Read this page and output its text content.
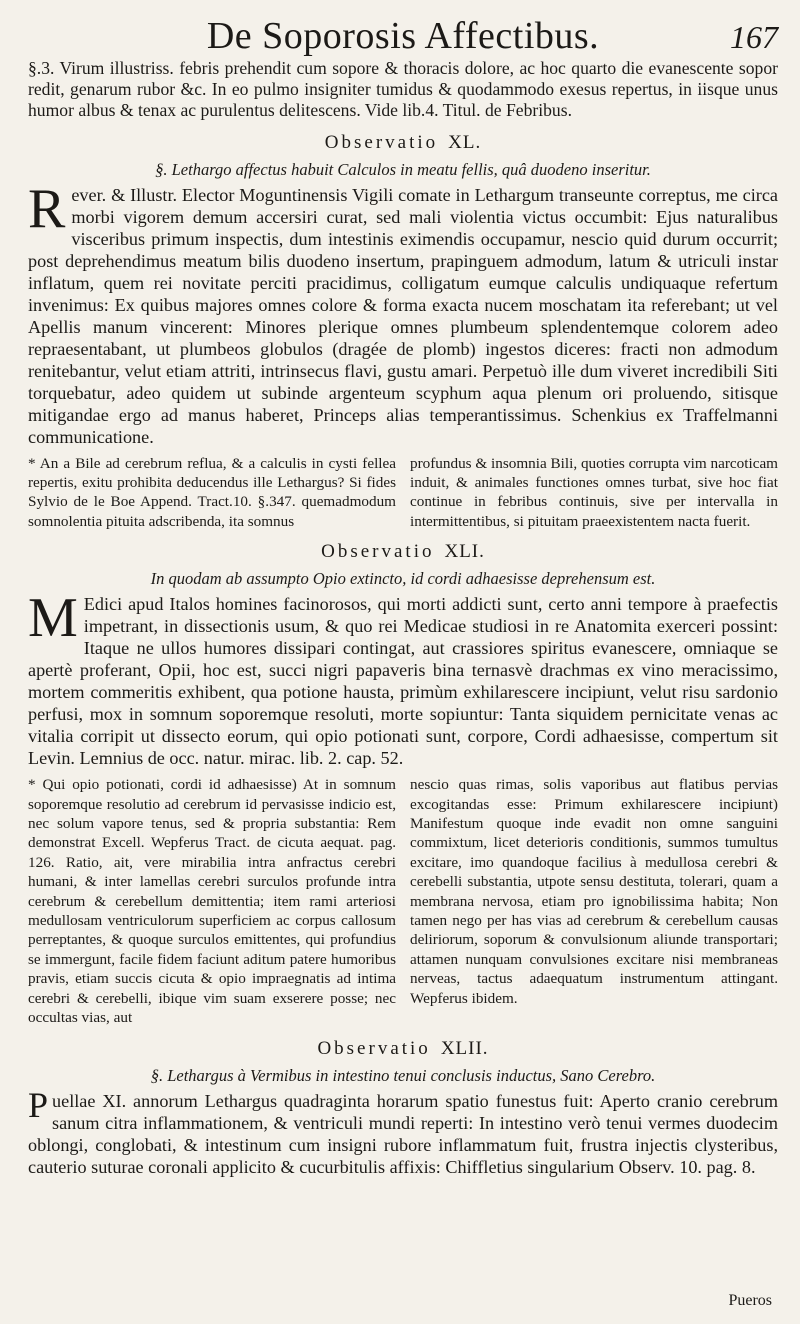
De Soporosis Affectibus.	167

§.3. Virum illustriss. febris prehendit cum sopore & thoracis dolore, ac hoc quarto die evanescente sopor redit, genarum rubor &c. In eo pulmo insigniter tumidus & quodammodo exesus repertus, in iisque unus humor albus & tenax ac purulentus delitescens. Vide lib.4. Titul. de Febribus.

Observatio XL.
§. Lethargo affectus habuit Calculos in meatu fellis, quâ duodeno inseritur.
R ever. & Illustr. Elector Moguntinensis Vigili comate in Lethargum transeunte correptus, me circa morbi vigorem demum accersiri curat, sed mali violentia victus occumbit: Ejus naturalibus visceribus primum inspectis, dum intestinis eximendis occupamur, nescio quid durum occurrit; post deprehendimus meatum bilis duodeno insertum, prapinguem admodum, latum & utriculi instar inflatum, quem rei novitate perciti pracidimus, colligatum eumque calculis undiquaque refertum invenimus: Ex quibus majores omnes colore & forma exacta nucem moschatam ita referebant; ut vel Apellis manum vincerent: Minores plerique omnes plumbeum splendentemque colorem adeo repraesentabant, ut plumbeos globulos (dragée de plomb) ingestos diceres: fracti non admodum renitebantur, velut etiam attriti, intrinsecus flavi, gustu amari. Perpetuò ille dum viveret incredibili Siti torquebatur, adeo quidem ut subinde argenteum scyphum aqua plenum ori proluendo, sitisque mitigandae ergo ad manus haberet, Princeps alias temperantissimus. Schenkius ex Traffelmanni communicatione.
* An a Bile ad cerebrum reflua, & a calculis in cysti fellea repertis, exitu prohibita deducendus ille Lethargus? Si fides Sylvio de le Boe Append. Tract.10. §.347. quemadmodum somnolentia pituita adscribenda, ita somnus
profundus & insomnia Bili, quoties corrupta vim narcoticam induit, & animales functiones omnes turbat, sive hoc fiat continue in febribus continuis, sive per intervalla in intermittentibus, si pituitam praeexistentem nacta fuerit.
Observatio XLI.
In quodam ab assumpto Opio extincto, id cordi adhaesisse deprehensum est.
M Edici apud Italos homines facinorosos, qui morti addicti sunt, certo anni tempore à praefectis impetrant, in dissectionis usum, & quo rei Medicae studiosi in re Anatomita exerceri possint: Itaque ne ullos humores dissipari contingat, aut crassiores spiritus evanescere, omniaque se apertè proferant, Opii, hoc est, succi nigri papaveris bina ternasvè drachmas ex vino meracissimo, mortem commeritis exhibent, qua potione hausta, primùm exhilarescere incipiunt, velut risu sardonio perfusi, mox in somnum soporemque resoluti, morte sopiuntur: Tanta siquidem pernicitate venas ac vitalia corripit ut dissecto eorum, qui opio potionati sunt, corpore, Cordi adhaesisse, compertum sit Levin. Lemnius de occ. natur. mirac. lib. 2. cap. 52.
* Qui opio potionati, cordi id adhaesisse) At in somnum soporemque resolutio ad cerebrum id pervasisse indicio est, nec solum vapore tenus, sed & propria substantia: Rem demonstrat Excell. Wepferus Tract. de cicuta aequat. pag. 126. Ratio, ait, vere mirabilia intra anfractus cerebri humani, & inter lamellas cerebri surculos profunde intra cerebrum & cerebellum demittentia; item rami arteriosi medullosam ventriculorum superficiem ac corpus callosum perreptantes, & quoque surculos emittentes, qui profundius se immergunt, facile fidem faciunt aditum patere humoribus pravis, etiam succis cicuta & opio impraegnatis ad intima cerebri & cerebelli, ibique vim suam exserere posse; nec occultas vias, aut
nescio quas rimas, solis vaporibus aut flatibus pervias excogitandas esse: Primum exhilarescere incipiunt) Manifestum quoque inde evadit non omne sanguini commixtum, licet deterioris conditionis, summos tumultus excitare, imo quandoque facilius à medullosa cerebri & cerebelli substantia, utpote sensu destituta, tolerari, quam a membrana nervosa, etiam pro ignobilissima habita; Non tamen nego per has vias ad cerebrum & cerebellum causas deliriorum, soporum & convulsionum aliunde transportari; attamen nunquam convulsiones excitare nisi membraneas nerveas, tactus adaequatum instrumentum attingant. Wepferus ibidem.
Observatio XLII.
§. Lethargus à Vermibus in intestino tenui conclusis inductus, Sano Cerebro.
P uellae XI. annorum Lethargus quadraginta horarum spatio funestus fuit: Aperto cranio cerebrum sanum citra inflammationem, & ventriculi mundi reperti: In intestino verò tenui vermes duodecim oblongi, conglobati, & intestinum cum insigni rubore inflammatum fuit, frustra injectis clysteribus, cauterio suturae coronali applicito & cucurbitulis affixis: Chiffletius singularium Observ. 10. pag. 8.
Pueros
